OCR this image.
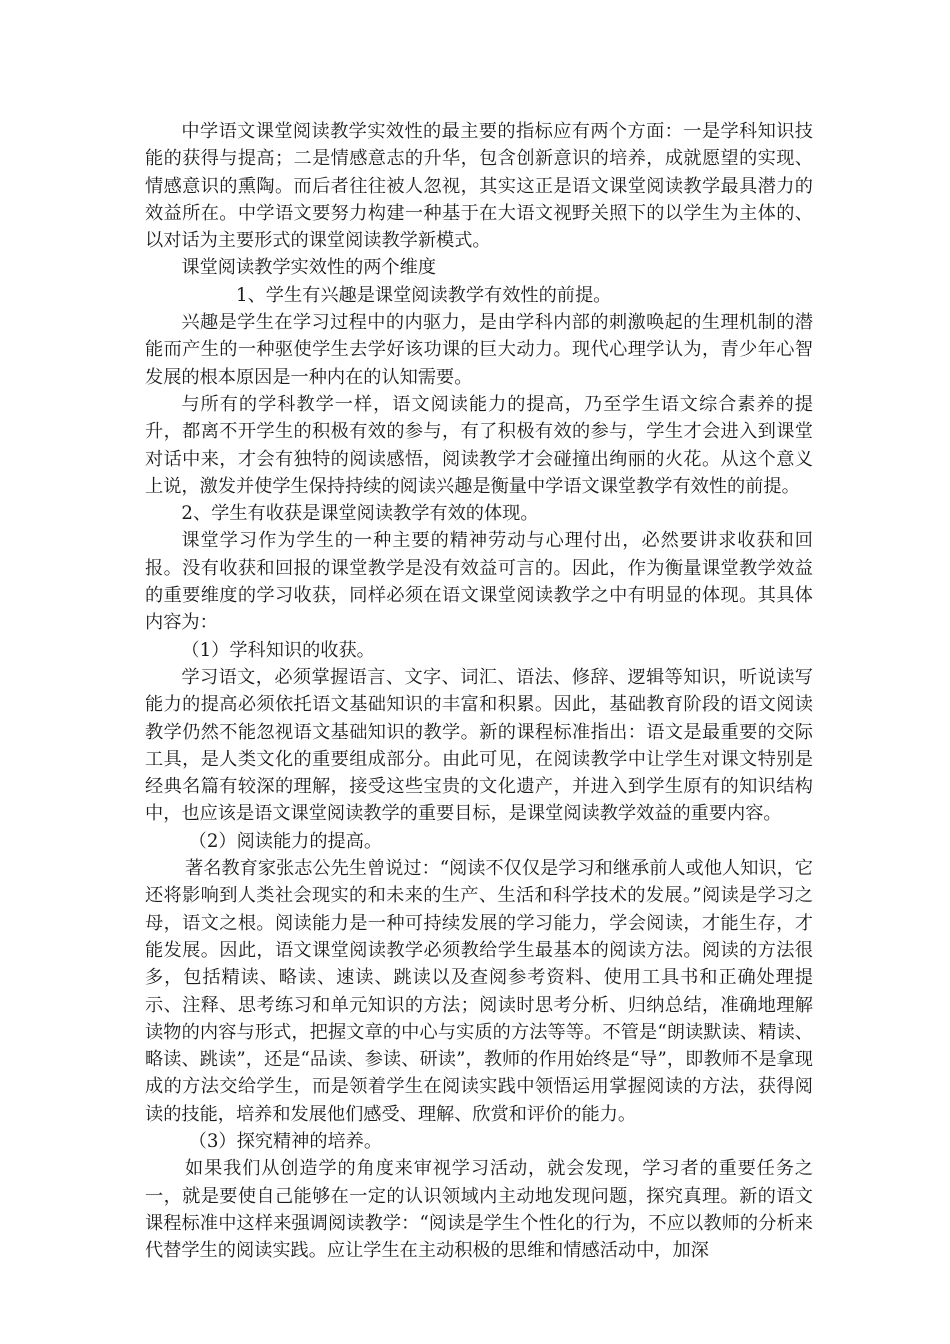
中学语文课堂阅读教学实效性的最主要的指标应有两个方面：一是学科知识技能的获得与提高；二是情感意志的升华，包含创新意识的培养，成就愿望的实现、情感意识的熏陶。而后者往往被人忽视，其实这正是语文课堂阅读教学最具潜力的效益所在。中学语文要努力构建一种基于在大语文视野关照下的以学生为主体的、以对话为主要形式的课堂阅读教学新模式。

课堂阅读教学实效性的两个维度

1、学生有兴趣是课堂阅读教学有效性的前提。

兴趣是学生在学习过程中的内驱力，是由学科内部的刺激唤起的生理机制的潜能而产生的一种驱使学生去学好该功课的巨大动力。现代心理学认为，青少年心智发展的根本原因是一种内在的认知需要。

与所有的学科教学一样，语文阅读能力的提高，乃至学生语文综合素养的提升，都离不开学生的积极有效的参与，有了积极有效的参与，学生才会进入到课堂对话中来，才会有独特的阅读感悟，阅读教学才会碰撞出绚丽的火花。从这个意义上说，激发并使学生保持持续的阅读兴趣是衡量中学语文课堂教学有效性的前提。

2、学生有收获是课堂阅读教学有效的体现。

课堂学习作为学生的一种主要的精神劳动与心理付出，必然要讲求收获和回报。没有收获和回报的课堂教学是没有效益可言的。因此，作为衡量课堂教学效益的重要维度的学习收获，同样必须在语文课堂阅读教学之中有明显的体现。其具体内容为：

（1）学科知识的收获。

学习语文，必须掌握语言、文字、词汇、语法、修辞、逻辑等知识，听说读写能力的提高必须依托语文基础知识的丰富和积累。因此，基础教育阶段的语文阅读教学仍然不能忽视语文基础知识的教学。新的课程标准指出：语文是最重要的交际工具，是人类文化的重要组成部分。由此可见，在阅读教学中让学生对课文特别是经典名篇有较深的理解，接受这些宝贵的文化遗产，并进入到学生原有的知识结构中，也应该是语文课堂阅读教学的重要目标，是课堂阅读教学效益的重要内容。

（2）阅读能力的提高。

著名教育家张志公先生曾说过：“阅读不仅仅是学习和继承前人或他人知识，它还将影响到人类社会现实的和未来的生产、生活和科学技术的发展。”阅读是学习之母，语文之根。阅读能力是一种可持续发展的学习能力，学会阅读，才能生存，才能发展。因此，语文课堂阅读教学必须教给学生最基本的阅读方法。阅读的方法很多，包括精读、略读、速读、跳读以及查阅参考资料、使用工具书和正确处理提示、注释、思考练习和单元知识的方法；阅读时思考分析、归纳总结，准确地理解读物的内容与形式，把握文章的中心与实质的方法等等。不管是“朗读默读、精读、略读、跳读”，还是“品读、参读、研读”，教师的作用始终是“导”，即教师不是拿现成的方法交给学生，而是领着学生在阅读实践中领悟运用掌握阅读的方法，获得阅读的技能，培养和发展他们感受、理解、欣赏和评价的能力。

（3）探究精神的培养。

如果我们从创造学的角度来审视学习活动，就会发现，学习者的重要任务之一，就是要使自己能够在一定的认识领域内主动地发现问题，探究真理。新的语文课程标准中这样来强调阅读教学：“阅读是学生个性化的行为，不应以教师的分析来代替学生的阅读实践。应让学生在主动积极的思维和情感活动中，加深
